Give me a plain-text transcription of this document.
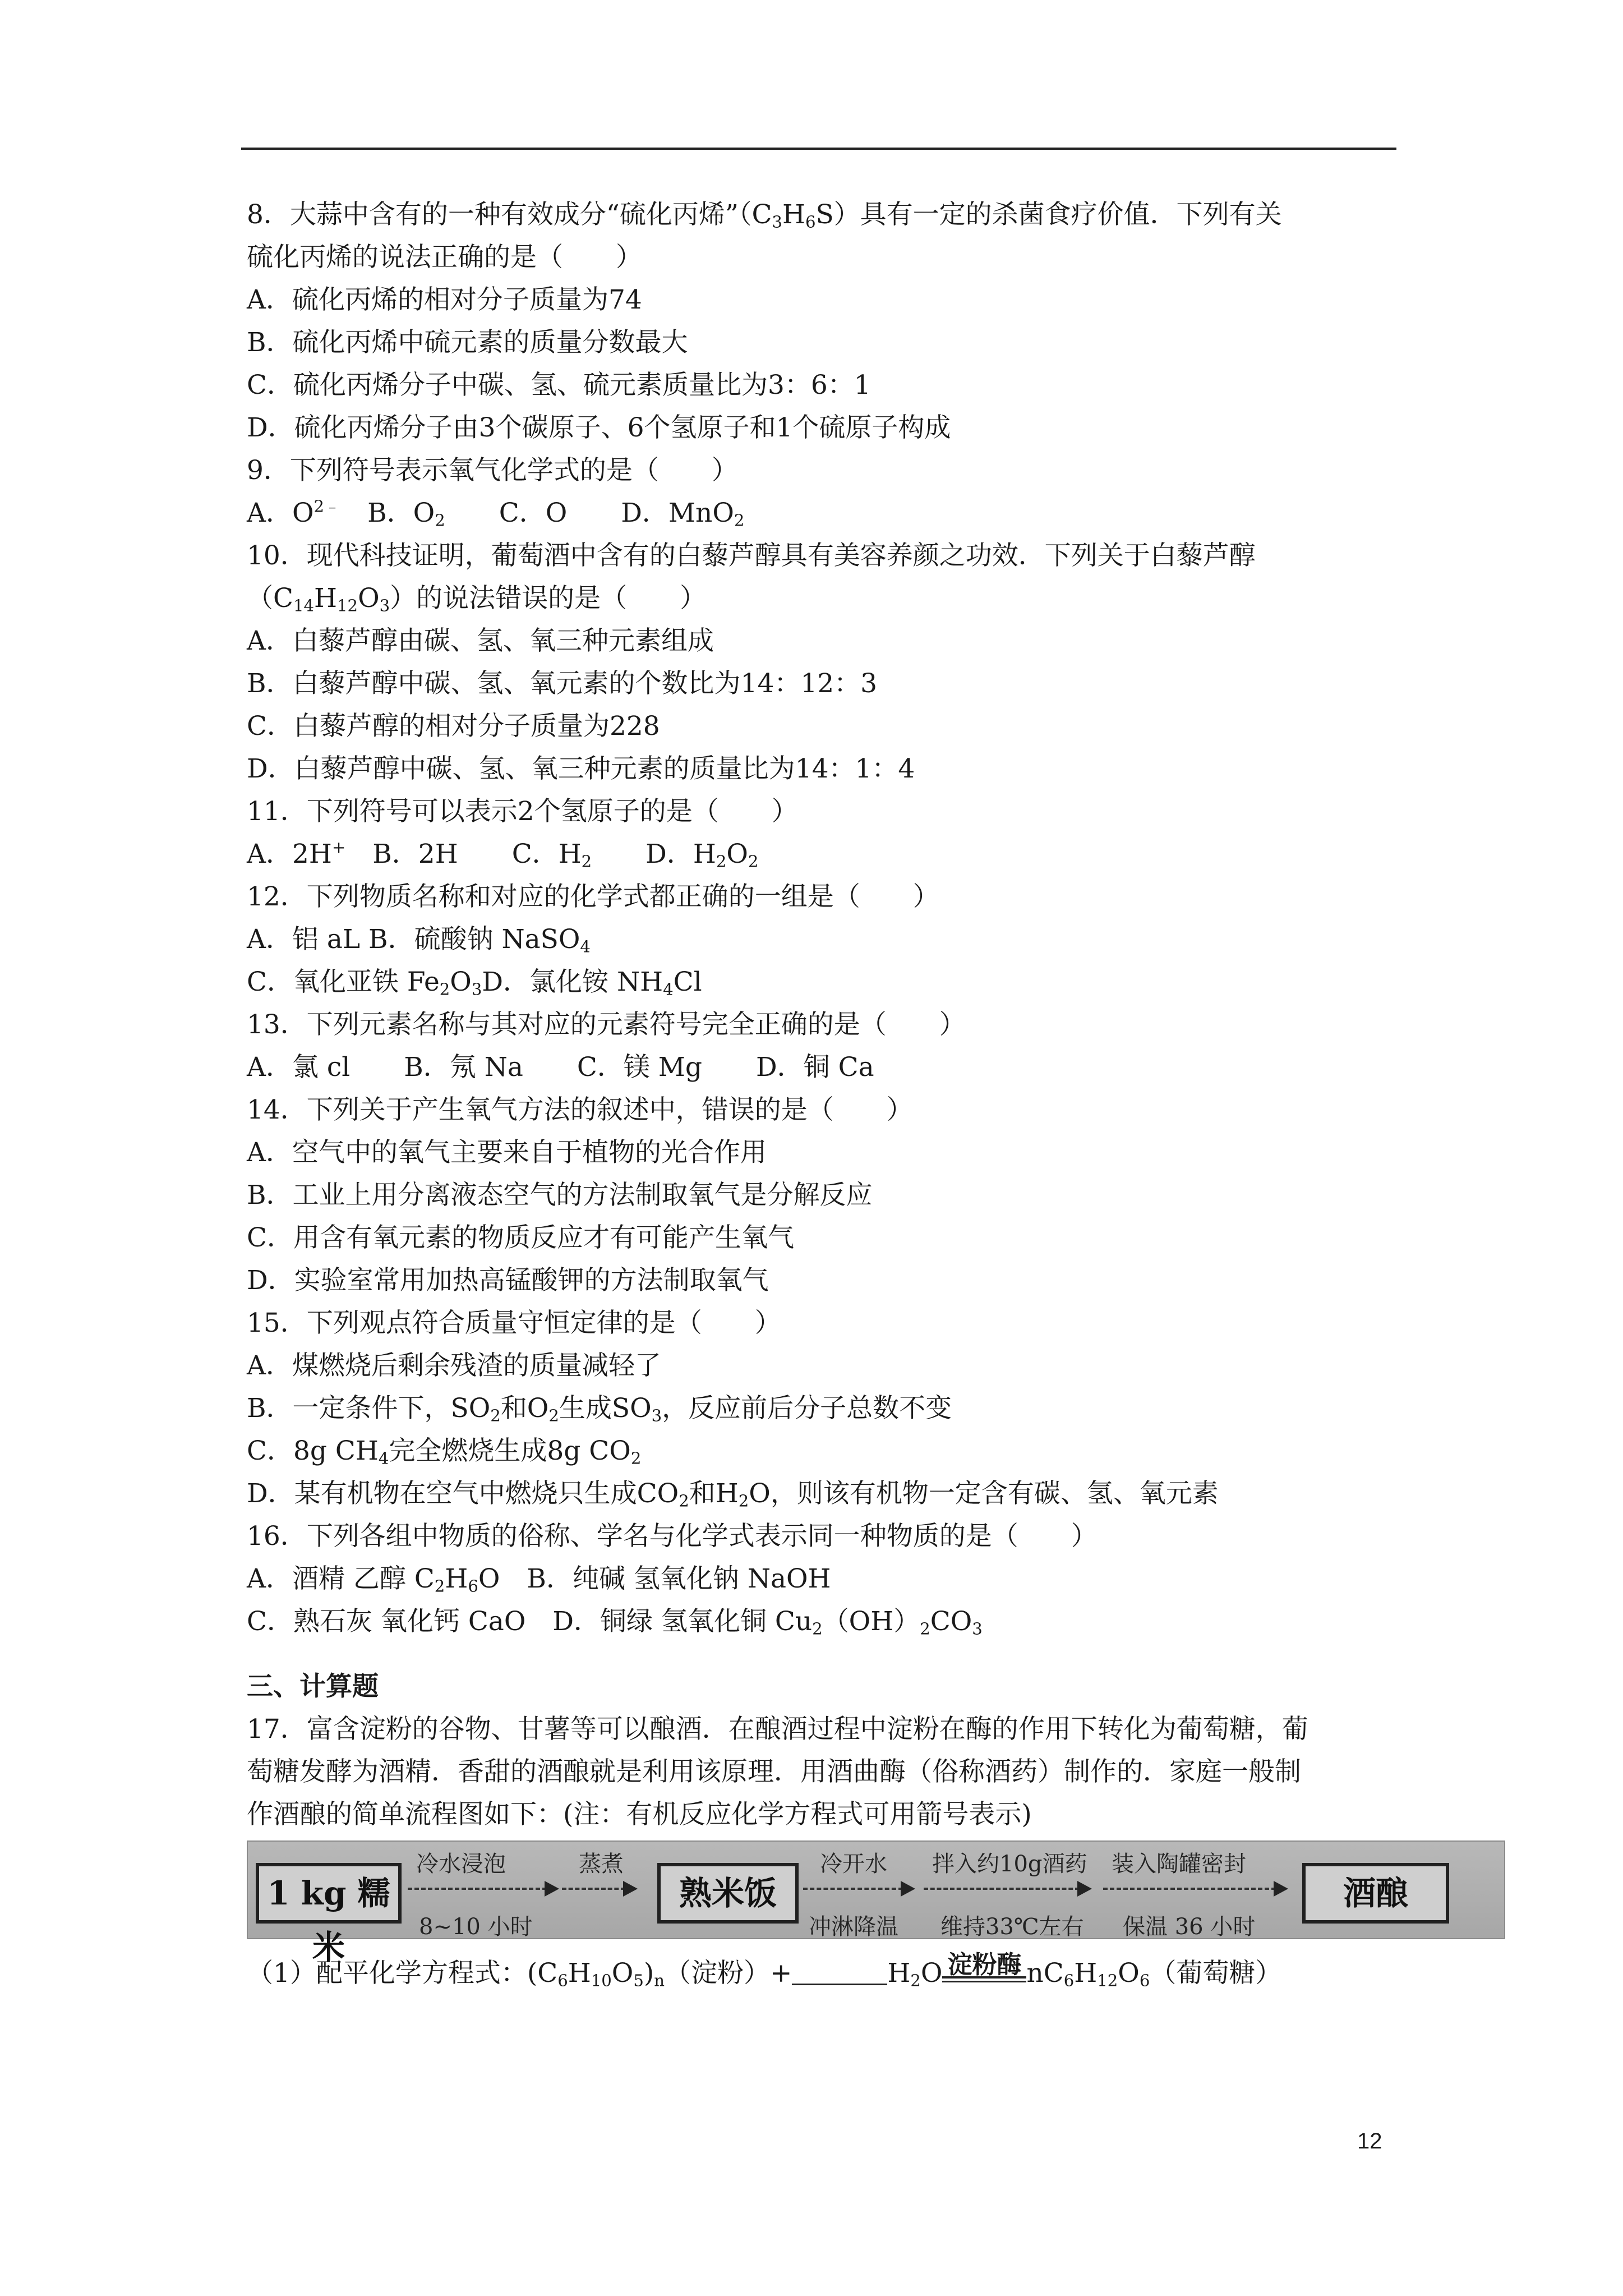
8．大蒜中含有的一种有效成分“硫化丙烯$”(C_3H_6S)$具有一定的杀菌食疗价值．下列有关
硫化丙烯的说法正确的是（　　）
A．硫化丙烯的相对分子质量为74
B．硫化丙烯中硫元素的质量分数最大
C．硫化丙烯分子中碳、氢、硫元素质量比为3：6：1
D．硫化丙烯分子由3个碳原子、6个氢原子和1个硫原子构成
9．下列符号表示氧气化学式的是（　　）
A．$O^{2﹣}$ B．$O_2$ C．O D．MnO$_2$
10．现代科技证明，葡萄酒中含有的白藜芦醇具有美容养颜之功效．下列关于白藜芦醇
$(C_{14}H_{12}O_3)$的说法错误的是（　　）
A．白藜芦醇由碳、氢、氧三种元素组成
B．白藜芦醇中碳、氢、氧元素的个数比为14：12：3
C．白藜芦醇的相对分子质量为228
D．白藜芦醇中碳、氢、氧三种元素的质量比为14：1：4
11．下列符号可以表示2个氢原子的是（　　）
A．2H+ B．2H C．$H_2$ D．$H_2O_2$
12．下列物质名称和对应的化学式都正确的一组是（　　）
A．铝 aL B．硫酸钠 NaSO$_4$
C．氧化亚铁 $Fe_2O_3D$．氯化铵 $NH_4Cl$
13．下列元素名称与其对应的元素符号完全正确的是（　　）
A．氯 cl B．氖 Na C．镁 Mg D．铜 Ca
14．下列关于产生氧气方法的叙述中，错误的是（　　）
A．空气中的氧气主要来自于植物的光合作用
B．工业上用分离液态空气的方法制取氧气是分解反应
C．用含有氧元素的物质反应才有可能产生氧气
D．实验室常用加热高锰酸钾的方法制取氧气
15．下列观点符合质量守恒定律的是（　　）
A．煤燃烧后剩余残渣的质量减轻了
B．一定条件下，$SO_2$和$O_2$生成$SO_3$，反应前后分子总数不变
C．8g $CH_4$完全燃烧生成8g $CO_2$
D．某有机物在空气中燃烧只生成$CO_2$和$H_2O$，则该有机物一定含有碳、氢、氧元素
16．下列各组中物质的俗称、学名与化学式表示同一种物质的是（　　）
A．酒精 乙醇 $C_2H_6O$ B．纯碱 氢氧化钠 NaOH
C．熟石灰 氧化钙 CaO D．铜绿 氢氧化铜 $Cu_2(OH)_2CO_3$
三、计算题
17．富含淀粉的谷物、甘薯等可以酿酒．在酿酒过程中淀粉在酶的作用下转化为葡萄糖，葡
萄糖发酵为酒精．香甜的酒酿就是利用该原理．用酒曲酶（俗称酒药）制作的．家庭一般制
作酒酿的简单流程图如下：(注：有机反应化学方程式可用箭号表示)
1 kg 糯米
冷水浸泡
8~10 小时
蒸煮
熟米饭
冷开水
冲淋降温
拌入约10g酒药
维持33℃左右
装入陶罐密封
保温 36 小时
酒酿
（1）配平化学方程式：$(C_6H_{10}O_5)_n$（淀粉）+	$H_2O$ 淀粉酶 $nC_6H_{12}O_6$（葡萄糖）
12
